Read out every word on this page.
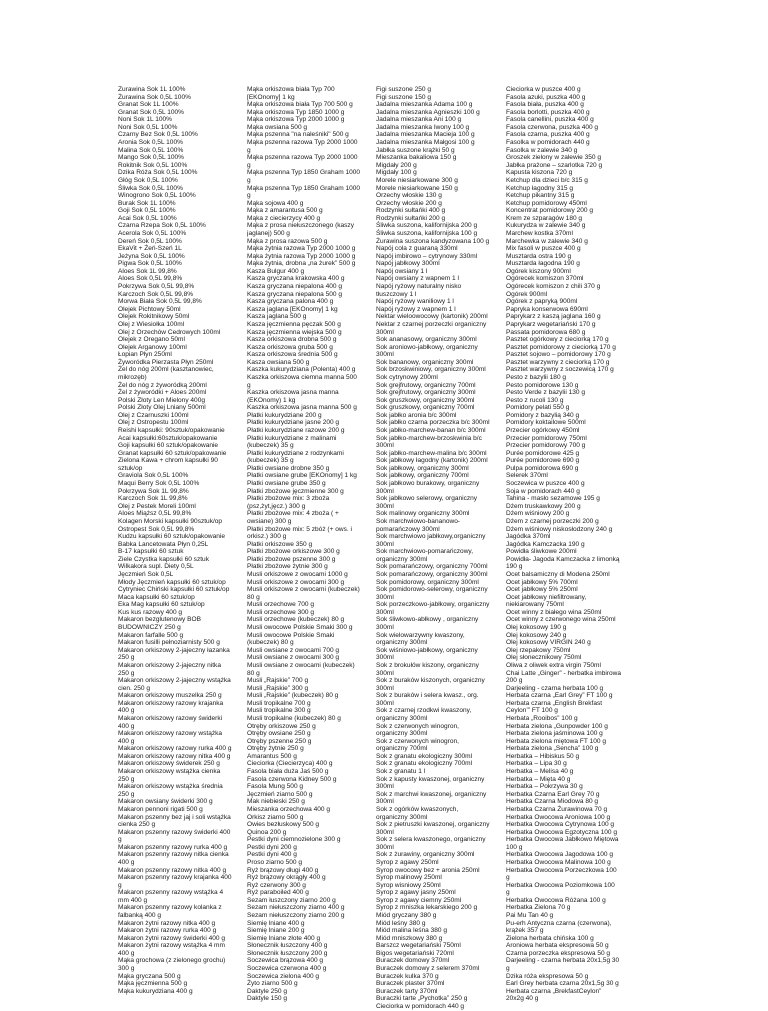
Żurawina Sok 1L 100%
Żurawina Sok 0,5L 100%
Granat Sok 1L 100%
Granat Sok 0,5L 100%
Noni Sok 1L 100%
Noni Sok 0,5L 100%
Czarny Bez Sok 0,5L 100%
Aronia Sok 0,5L 100%
Malina Sok 0,5L 100%
Mango Sok 0,5L 100%
Rokitnik Sok 0,5L 100%
Dzika Róża Sok 0,5L 100%
Głóg Sok 0,5L 100%
Śliwka Sok 0,5L 100%
Winogrono Sok 0,5L 100%
Burak Sok 1L 100%
Goji Sok 0,5L 100%
Acai Sok 0,5L 100%
Czarna Rzepa Sok 0,5L 100%
Acerola Sok 0,5L 100%
Dereń Sok 0,5L 100%
EkaVit + Żeń-Szeń 1L
Jeżyna Sok 0,5L 100%
Pigwa Sok 0,5L 100%
Aloes Sok 1L 99,8%
Aloes Sok 0,5L 99,8%
Pokrzywa Sok 0,5L 99,8%
Karczoch Sok 0,5L 99,8%
Morwa Biała Sok 0,5L 99,8%
Olejek Pichtowy 50ml
Olejek Rokitnikowy 50ml
Olej z Wiesiołka 100ml
Olej z Orzechów Cedrowych 100ml
Olejek z Oregano 50ml
Olejek Arganowy 100ml
Łopian Płyn 250ml
Żyworódka Pierzasta Płyn 250ml
Żel do nóg 200ml (kasztanowiec,
mikrozęb)
Żel do nóg z żyworódką 200ml
Żel z żyworódki + Aloes 200ml
Polski Złoty Len Mielony 400g
Polski Złoty Olej Lniany 500ml
Olej z Czarnuszki 100ml
Olej z Ostropestu 100ml
Reishi kapsułki: 90sztuk/opakowanie
Acai kapsułki:60sztuk/opakowanie
Goji kapsułki 60 sztuk/opakowanie
Granat kapsułki 60 sztuk/opakowanie
Zielona Kawa + chrom kapsułki 90
sztuk/op
Graviola Sok 0,5L 100%
Maqui Berry Sok 0,5L 100%
Pokrzywa Sok 1L 99,8%
Karczoch Sok 1L 99,8%
Olej z Pestek Moreli 100ml
Aloes Miąższ 0,5L 99,8%
Kolagen Morski kapsułki 90sztuk/op
Ostropest Sok 0,5L 99,8%
Kudzu kapsułki 60 sztuk/opakowanie
Babka Lancetowata Płyn 0,25L
B-17 kapsułki 60 sztuk
Ziele Czystka kapsułki 60 sztuk
Wilkakora supl. Diety 0,5L
Jęczmień Sok 0,5L
Młody Jęczmień kapsułki 60 sztuk/op
Cytryniec Chiński kapsułki 60 sztuk/op
Maca kapsułki 60 sztuk/op
Eka Mag kapsułki 60 sztuk/op
Kus kus razowy 400 g
Makaron bezglutenowy BOB
BUDOWNICZY 250 g
Makaron farfalle 500 g
Makaron fusilli pełnoziarnisty 500 g
Makaron orkiszowy 2-jajeczny łazanka
250 g
Makaron orkiszowy 2-jajeczny nitka
250 g
Makaron orkiszowy 2-jajeczny wstążka
cien. 250 g
Makaron orkiszowy muszelka 250 g
Makaron orkiszowy razowy krajanka
400 g
Makaron orkiszowy razowy świderki
400 g
Makaron orkiszowy razowy wstążka
400 g
Makaron orkiszowy razowy rurka 400 g
Makaron orkiszowy razowy nitka 400 g
Makaron orkiszowy świderek 250 g
Makaron orkiszowy wstążka cienka
250 g
Makaron orkiszowy wstążka średnia
250 g
Makaron owsiany świderki 300 g
Makaron pennoni rigati 500 g
Makaron pszenny bez jaj i soli wstążka
cienka 250 g
Makaron pszenny razowy świderki 400
g
Makaron pszenny razowy rurka 400 g
Makaron pszenny razowy nitka cienka
400 g
Makaron pszenny razowy nitka 400 g
Makaron pszenny razowy krajanka 400
g
Makaron pszenny razowy wstążka 4
mm 400 g
Makaron pszenny razowy kolanka z
falbanką 400 g
Makaron żytni razowy nitka 400 g
Makaron żytni razowy rurka 400 g
Makaron żytni razowy świderki 400 g
Makaron żytni razowy wstążka 4 mm
400 g
Mąka grochowa (z zielonego grochu)
300 g
Mąka gryczana 500 g
Mąka jęczmienna 500 g
Mąka kukurydziana 400 g
Mąka orkiszowa biała Typ 700
[EKOnomy] 1 kg
Mąka orkiszowa biała Typ 700 500 g
Mąka orkiszowa Typ 1850 1000 g
Mąka orkiszowa Typ 2000 1000 g
Mąka owsiana 500 g
Mąka pszenna "na naleśniki" 500 g
Mąka pszenna razowa Typ 2000 1000
g
Mąka pszenna razowa Typ 2000 1000
g
Mąka pszenna Typ 1850 Graham 1000
g
Mąka pszenna Typ 1850 Graham 1000
g
Mąka sojowa 400 g
Mąka z amarantusa 500 g
Mąka z ciecierzycy 400 g
Mąka z prosa niełuszczonego (kaszy
jaglanej) 500 g
Mąka z prosa razowa 500 g
Mąka żytnia razowa Typ 2000 1000 g
Mąka żytnia razowa Typ 2000 1000 g
Mąka żytnia, drobna „na żurek” 500 g
Kasza Bulgur 400 g
Kasza gryczana krakowska 400 g
Kasza gryczana niepalona 400 g
Kasza gryczana niepalona 500 g
Kasza gryczana palona 400 g
Kasza jaglana [EKOnomy] 1 kg
Kasza jaglana 500 g
Kasza jęczmienna pęczak 500 g
Kasza jęczmienna wiejska 500 g
Kasza orkiszowa drobna 500 g
Kasza orkiszowa gruba 500 g
Kasza orkiszowa średnia 500 g
Kasza owsiana 500 g
Kaszka kukurydziana (Polenta) 400 g
Kaszka orkiszowa ciemna manna 500
g
Kaszka orkiszowa jasna manna
(EKOnomy) 1 kg
Kaszka orkiszowa jasna manna 500 g
Płatki kukurydziane 200 g
Płatki kukurydziane jasne 200 g
Płatki kukurydziane razowe 200 g
Płatki kukurydziane z malinami
(kubeczek) 35 g
Płatki kukurydziane z rodzynkami
(kubeczek) 35 g
Płatki owsiane drobne 350 g
Płatki owsiane grube [EKOnomy] 1 kg
Płatki owsiane grube 350 g
Płatki zbożowe jęczmienne 300 g
Płatki zbożowe mix: 3 zboża
(psz,żyt,jęcz.) 300 g
Płatki zbożowe mix: 4 zboża ( +
owsiane) 300 g
Płatki zbożowe mix: 5 zbóż (+ ows. i
orkisz.) 300 g
Płatki orkiszowe 350 g
Płatki zbożowe orkiszowe 300 g
Płatki zbożowe pszenne 300 g
Płatki zbożowe żytnie 300 g
Musli orkiszowe z owocami 1000 g
Musli orkiszowe z owocami 300 g
Musli orkiszowe z owocami (kubeczek)
80 g
Musli orzechowe 700 g
Musli orzechowe 300 g
Musli orzechowe (kubeczek) 80 g
Musli owocowe Polskie Smaki 300 g
Musli owocowe Polskie Smaki
(kubeczek) 80 g
Musli owsiane z owocami 700 g
Musli owsiane z owocami 300 g
Musli owsiane z owocami (kubeczek)
80 g
Musli „Rajskie” 700 g
Musli „Rajskie” 300 g
Musli „Rajskie” (kubeczek) 80 g
Musli tropikalne 700 g
Musli tropikalne 300 g
Musli tropikalne (kubeczek) 80 g
Otręby orkiszowe 250 g
Otręby owsiane 250 g
Otręby pszenne 250 g
Otręby żytnie 250 g
Amarantus 500 g
Cieciorka (Ciecierzyca) 400 g
Fasola biała duża Jaś 500 g
Fasola czerwona Kidney 500 g
Fasola Mung 500 g
Jęczmień ziarno 500 g
Mak niebieski 250 g
Mieszanka orzechowa 400 g
Orkisz ziarno 500 g
Owies bezłuskowy 500 g
Quinoa 200 g
Pestki dyni ciemnozielone 300 g
Pestki dyni 200 g
Pestki dyni 400 g
Proso ziarno 500 g
Ryż brązowy długi 400 g
Ryż brązowy okrągły 400 g
Ryż czerwony 300 g
Ryż paraboiled 400 g
Sezam łuszczony ziarno 200 g
Sezam niełuszczony ziarno 400 g
Sezam niełuszczony ziarno 200 g
Siemię lniane 400 g
Siemię lniane 200 g
Siemię lniane złote 400 g
Słonecznik łuszczony 400 g
Słonecznik łuszczony 200 g
Soczewica brązowa 400 g
Soczewica czerwona 400 g
Soczewica zielona 400 g
Żyto ziarno 500 g
Daktyle 250 g
Daktyle 150 g
Figi suszone 250 g
Figi suszone 150 g
Jadalna mieszanka Adama 100 g
Jadalna mieszanka Agnieszki 100 g
Jadalna mieszanka Ani 100 g
Jadalna mieszanka Iwony 100 g
Jadalna mieszanka Macieja 100 g
Jadalna mieszanka Małgosi 100 g
Jabłka suszone krążki 50 g
Mieszanka bakaliowa 150 g
Migdały 200 g
Migdały 100 g
Morele niesiarkowane 300 g
Morele niesiarkowane 150 g
Orzechy włoskie 130 g
Orzechy włoskie 200 g
Rodzynki sułtańki 400 g
Rodzynki sułtańki 200 g
Śliwka suszona, kalifornijska 200 g
Śliwka suszona, kalifornijska 100 g
Żurawina suszona kandyzowana 100 g
Napój cola z guaraną 330ml
Napój imbirowo – cytrynowy 330ml
Napój jabłkowy 300ml
Napój owsiany 1 l
Napój owsiany z wapnem 1 l
Napój ryżowy naturalny nisko
tłuszczowy 1 l
Napój ryżowy waniliowy 1 l
Napój ryżowy z wapnem 1 l
Nektar wieloowocowy (kartonik) 200ml
Nektar z czarnej porzeczki organiczny
300ml
Sok ananasowy, organiczny 300ml
Sok aroniowo-jabłkowy, organiczny
300ml
Sok bananowy, organiczny 300ml
Sok brzoskwiniowy, organiczny 300ml
Sok cytrynowy 200ml
Sok grejfrutowy, organiczny 700ml
Sok grejfrutowy, organiczny 300ml
Sok gruszkowy, organiczny 300ml
Sok gruszkowy, organiczny 700ml
Sok jabłko aronia b/c 300ml
Sok jabłko czarna porzeczka b/c 300ml
Sok jabłko-marchew-banan b/c 300ml
Sok jabłko-marchew-brzoskwinia b/c
300ml
Sok jabłko-marchew-malina b/c 300ml
Sok jabłkowy łagodny (kartonik) 200ml
Sok jabłkowy, organiczny 300ml
Sok jabłkowy, organiczny 700ml
Sok jabłkowo burakowy, organiczny
300ml
Sok jabłkowo selerowy, organiczny
300ml
Sok malinowy organiczny 300ml
Sok marchwiowo-bananowo-
pomarańczowy 300ml
Sok marchwiowo jabłkowy,organiczny
300ml
Sok marchwiowo-pomarańczowy,
organiczny 300ml
Sok pomarańczowy, organiczny 700ml
Sok pomarańczowy, organiczny 300ml
Sok pomidorowy, organiczny 300ml
Sok pomidorowo-selerowy, organiczny
300ml
Sok porzeczkowo-jabłkowy, organiczny
300ml
Sok śliwkowo-abłkowy , organiczny
300ml
Sok wielowarzywny kwaszony,
organiczny 300ml
Sok wiśniowo-jabłkowy, organiczny
300ml
Sok z brokułów kiszony, organiczny
300ml
Sok z buraków kiszonych, organiczny
300ml
Sok z buraków i selera kwasz., org.
300ml
Sok z czarnej rzodkwi kwaszony,
organiczny 300ml
Sok z czerwonych winogron,
organiczny 300ml
Sok z czerwonych winogron,
organiczny 700ml
Sok z granatu ekologiczny 300ml
Sok z granatu ekologiczny 700ml
Sok z granatu 1 l
Sok z kapusty kwaszonej, organiczny
300ml
Sok z marchwi kwaszonej, organiczny
300ml
Sok z ogórków kwaszonych,
organiczny 300ml
Sok z pietruszki kwaszonej, organiczny
300ml
Sok z selera kwaszonego, organiczny
300ml
Sok z żurawiny, organiczny 300ml
Syrop z agawy 250ml
Syrop owocowy bez + aronia 250ml
Syrop malinowy 250ml
Syrop wisniowy 250ml
Syrop z agawy jasny 250ml
Syrop z agawy ciemny 250ml
Syrop z mniszka lekarskiego 200 g
Miód gryczany 380 g
Miód leśny 380 g
Miód malina leśna 380 g
Miód mniszkowy 380 g
Barszcz wegetariański 750ml
Bigos wegetariański 720ml
Buraczek domowy 370ml
Buraczek domowy z selerem 370ml
Buraczek kulka 370 g
Buraczek plaster 370ml
Buraczek tarty 370ml
Buraczki tarte „Pychotka” 250 g
Cieciorka w pomidorach 440 g
Cieciorka w puszce 400 g
Fasola azuki, puszka 400 g
Fasola biała, puszka 400 g
Fasola borlotti, puszka 400 g
Fasola canellini, puszka 400 g
Fasola czerwona, puszka 400 g
Fasola czarna, puszka 400 g
Fasolka w pomidorach 440 g
Fasolka w zalewie 340 g
Groszek zielony w zalewie 350 g
Jabłka prażone – szarlotka 720 g
Kapusta kiszona 720 g
Ketchup dla dzieci b/c 315 g
Ketchup łagodny 315 g
Ketchup pikantny 315 g
Ketchup pomidorowy 450ml
Koncentrat pomidorowy 200 g
Krem ze szparagów 180 g
Kukurydza w zalewie 340 g
Marchew kostka 370ml
Marchewka w zalewie 340 g
Mix fasoli w puszce 400 g
Musztarda ostra 190 g
Musztarda łagodna 190 g
Ogórek kiszony 900ml
Ogórecek komiszon 370ml
Ogórecek komiszon z chili 370 g
Ogórek 900ml
Ogórek z papryką 900ml
Papryka konserwowa 690ml
Paprykarz z kaszą jaglana 160 g
Paprykarz wegetariański 170 g
Passata pomidorowa 680 g
Pasztet ogórkowy z cieciorką 170 g
Pasztet pomidorowy z cieciorką 170 g
Pasztet sojowo – pomidorowy 170 g
Pasztet warzywny z cieciorką 170 g
Pasztet warzywny z soczewicą 170 g
Pesto z bazylii 180 g
Pesto pomidorowe 130 g
Pesto Verde z bazylii 130 g
Pesto z rucoli 130 g
Pomidory pelati 550 g
Pomidory z bazylią 340 g
Pomidory koktailowe 500ml
Przecier ogórkowy 450ml
Przecier pomidorowy 750ml
Przecier pomidorowy 700 g
Purée pomidorowe 425 g
Purée pomidorowe 690 g
Pulpa pomidorowa 690 g
Selerek 370ml
Soczewica w puszce 400 g
Soja w pomidorach 440 g
Tahina - masło sezamowe 195 g
Dżem truskawkowy 200 g
Dżem wiśniowy 200 g
Dżem z czarnej porzeczki 200 g
Dżem wiśniowy niskosłodzony 240 g
Jagódka 370ml
Jagódka Kamczacka 190 g
Powidła śliwkowe 200ml
Powidła- Jagoda Kamczacka z limonką
190 g
Ocet balsamiczny di Modena 250ml
Ocet jabłkowy 5% 700ml
Ocet jabłkowy 5% 250ml
Ocet jabłkowy niefiltrowany,
niekiarowany 750ml
Ocet winny z białego wina 250ml
Ocet winny z czerwonego wina 250ml
Olej kokosowy 190 g
Olej kokosowy 240 g
Olej kokosowy VIRGIN 240 g
Olej rzepakowy 750ml
Olej słonecznikowy 750ml
Oliwa z oliwek extra virgin 750ml
Chai Latte „Ginger” - herbatka imbirowa
200 g
Darjeeling - czarna herbata 100 g
Herbata czarna „Earl Grey” FT 100 g
Herbata czarna „English Brekfast
Ceylon’” FT 100 g
Herbata „Rooibos” 100 g
Herbata zielona „Gunpowder 100 g
Herbata zielona jaśminowa 100 g
Herbata zielona miętowa FT 100 g
Herbata zielona „Sencha” 100 g
Herbatka – Hibiskus 50 g
Herbatka – Lipa 30 g
Herbatka – Melisa 40 g
Herbatka – Mięta 40 g
Herbatka – Pokrzywa 30 g
Herbatka Czarna Earl Grey 70 g
Herbatka Czarna Miodowa 80 g
Herbatka Czarna Żurawinowa 70 g
Herbatka Owocowa Aroniowa 100 g
Herbatka Owocowa Cytrynowa 100 g
Herbatka Owocowa Egzotyczna 100 g
Herbatka Owocowa Jabłkowo Miętowa
100 g
Herbatka Owocowa Jagodowa 100 g
Herbatka Owocowa Malinowa 100 g
Herbatka Owocowa Porzeczkowa 100
g
Herbatka Owocowa Poziomkowa 100
g
Herbatka Owocowa Różana 100 g
Herbatka Zielona 70 g
Pai Mu Tan 40 g
Pu-erh Antyczna czarna (czerwona),
krążek 357 g
Zielona herbata chińska 100 g
Aroniowa herbata ekspresowa 50 g
Czarna porzeczka ekspresowa 50 g
Darjeeling - czarna herbata 20x1,5g 30
g
Dzika róża ekspresowa 50 g
Earl Grey herbata czarna 20x1,5g 30 g
Herbata czarna „BrekfastCeylon”
20x2g 40 g
